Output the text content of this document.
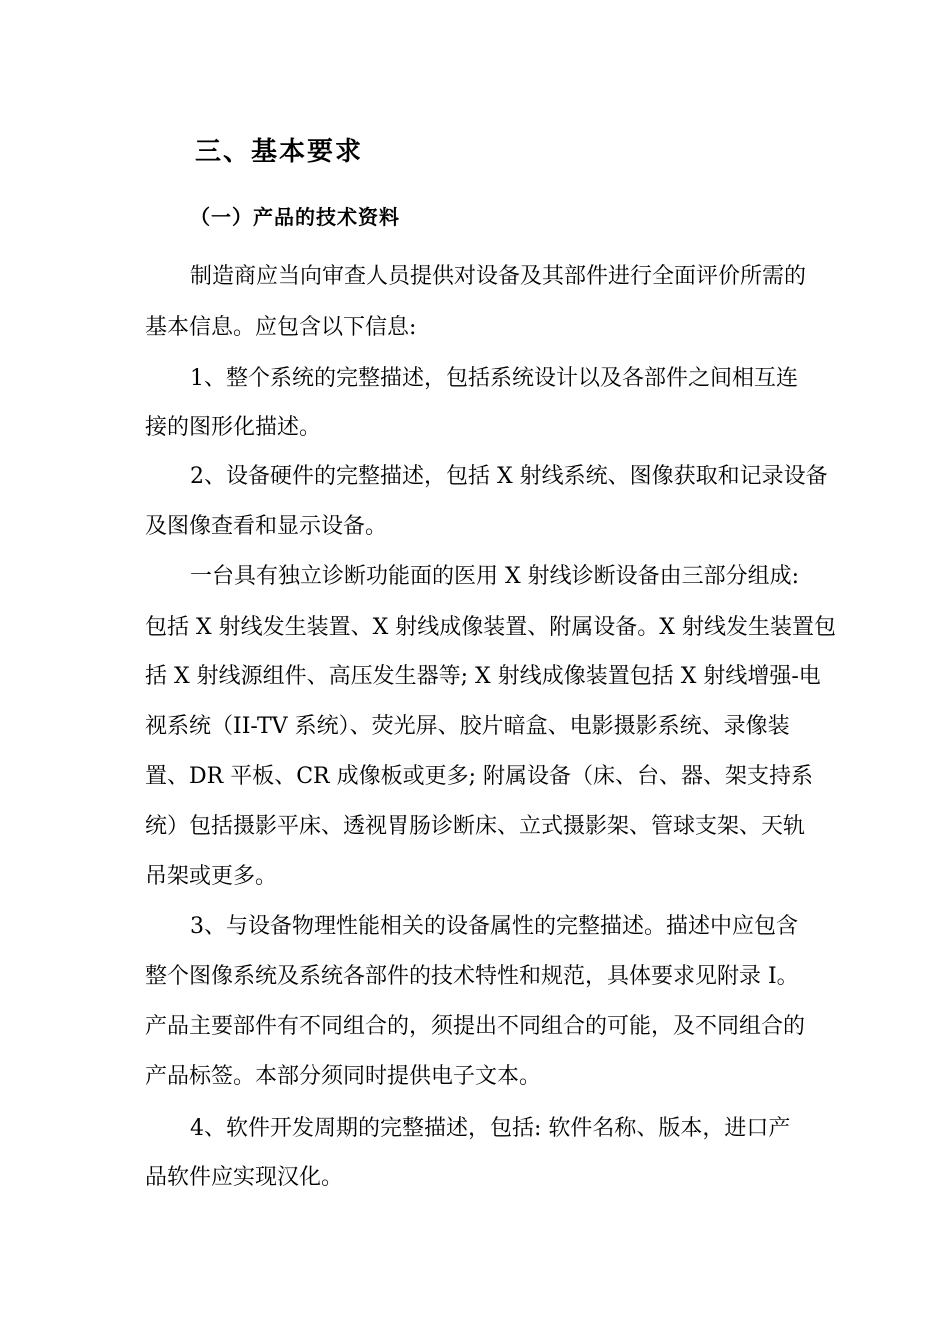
三、基本要求
（一）产品的技术资料
制造商应当向审查人员提供对设备及其部件进行全面评价所需的
基本信息。应包含以下信息:
1、整个系统的完整描述，包括系统设计以及各部件之间相互连
接的图形化描述。
2、设备硬件的完整描述，包括 X 射线系统、图像获取和记录设备
及图像查看和显示设备。
一台具有独立诊断功能面的医用 X 射线诊断设备由三部分组成:
包括 X 射线发生装置、X 射线成像装置、附属设备。X 射线发生装置包
括 X 射线源组件、高压发生器等; X 射线成像装置包括 X 射线增强-电
视系统（II-TV 系统）、荧光屏、胶片暗盒、电影摄影系统、录像装
置、DR 平板、CR 成像板或更多; 附属设备（床、台、器、架支持系
统）包括摄影平床、透视胃肠诊断床、立式摄影架、管球支架、天轨
吊架或更多。
3、与设备物理性能相关的设备属性的完整描述。描述中应包含
整个图像系统及系统各部件的技术特性和规范，具体要求见附录 I。
产品主要部件有不同组合的，须提出不同组合的可能，及不同组合的
产品标签。本部分须同时提供电子文本。
4、软件开发周期的完整描述，包括: 软件名称、版本，进口产
品软件应实现汉化。
